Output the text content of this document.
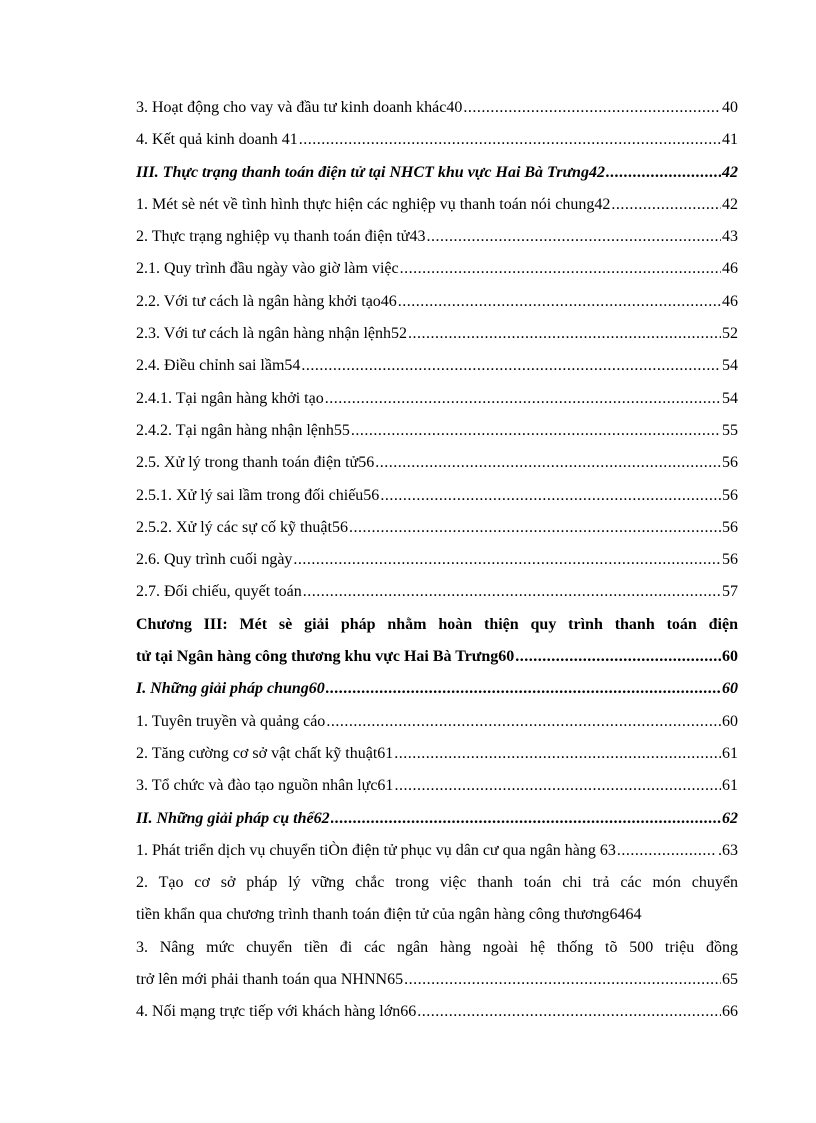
3. Hoạt động cho vay và đầu tư kinh doanh khác40 .....	40
4. Kết quả kinh doanh 41 .....	41
III. Thực trạng thanh toán điện tử tại NHCT khu vực Hai Bà Trưng42 .....	42
1. Mét sè nét về tình hình thực hiện các nghiệp vụ thanh toán nói chung42 .....	42
2. Thực trạng nghiệp vụ thanh toán điện tử43 .....	43
2.1. Quy trình đầu ngày vào giờ làm việc .....	46
2.2. Với tư cách là ngân hàng khởi tạo46 .....	46
2.3. Với tư cách là ngân hàng nhận lệnh52 .....	52
2.4. Điều chỉnh sai lầm54 .....	54
2.4.1. Tại ngân hàng khởi tạo .....	54
2.4.2. Tại ngân hàng nhận lệnh55 .....	55
2.5. Xử lý trong thanh toán điện tử56 .....	56
2.5.1. Xử lý sai lầm trong đối chiếu56 .....	56
2.5.2. Xử lý các sự cố kỹ thuật56 .....	56
2.6. Quy trình cuối ngày .....	56
2.7. Đối chiếu, quyết toán .....	57
Chương III: Mét sè giải pháp nhằm hoàn thiện quy trình thanh toán điện
tử tại Ngân hàng công thương khu vực Hai Bà Trưng60 .....	60
I. Những giải pháp chung60 .....	60
1. Tuyên truyền và quảng cáo .....	60
2. Tăng cường cơ sở vật chất kỹ thuật61 .....	61
3. Tổ chức và đào tạo nguồn nhân lực61 .....	61
II. Những giải pháp cụ thể62 .....	62
1. Phát triển dịch vụ chuyển tiÒn điện tử phục vụ dân cư qua ngân hàng 63 .....	.63
2. Tạo cơ sở pháp lý vững chắc trong việc thanh toán chi trả các món chuyển
tiền khẩn qua chương trình thanh toán điện tử của ngân hàng công thương6464
3. Nâng mức chuyển tiền đi các ngân hàng ngoài hệ thống tõ 500 triệu đồng
trở lên mới phải thanh toán qua NHNN65 .....	65
4. Nối mạng trực tiếp với khách hàng lớn66 .....	66
